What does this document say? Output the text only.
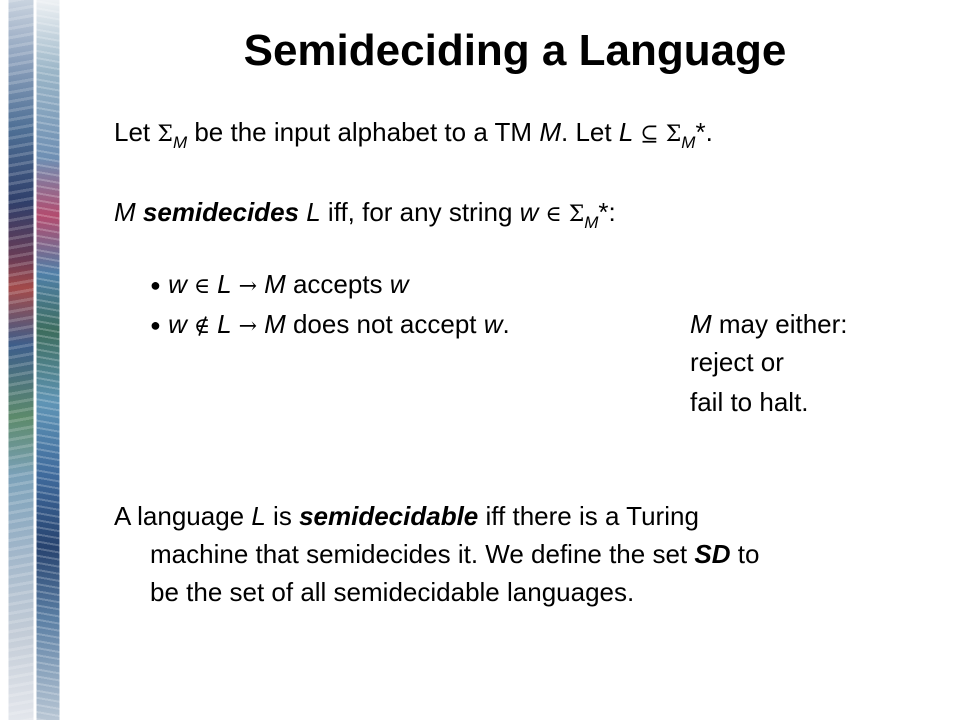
Semideciding a Language
Let $\Sigma_M$ be the input alphabet to a TM M. Let L ⊆ $\Sigma_M*$.
M semidecides L iff, for any string w ∈ $\Sigma_M*$:
● w ∈ L → M accepts w
● w ∉ L → M does not accept w.	M may either:
reject or
fail to halt.
A language L is semidecidable iff there is a Turing
machine that semidecides it. We define the set SD to
be the set of all semidecidable languages.
